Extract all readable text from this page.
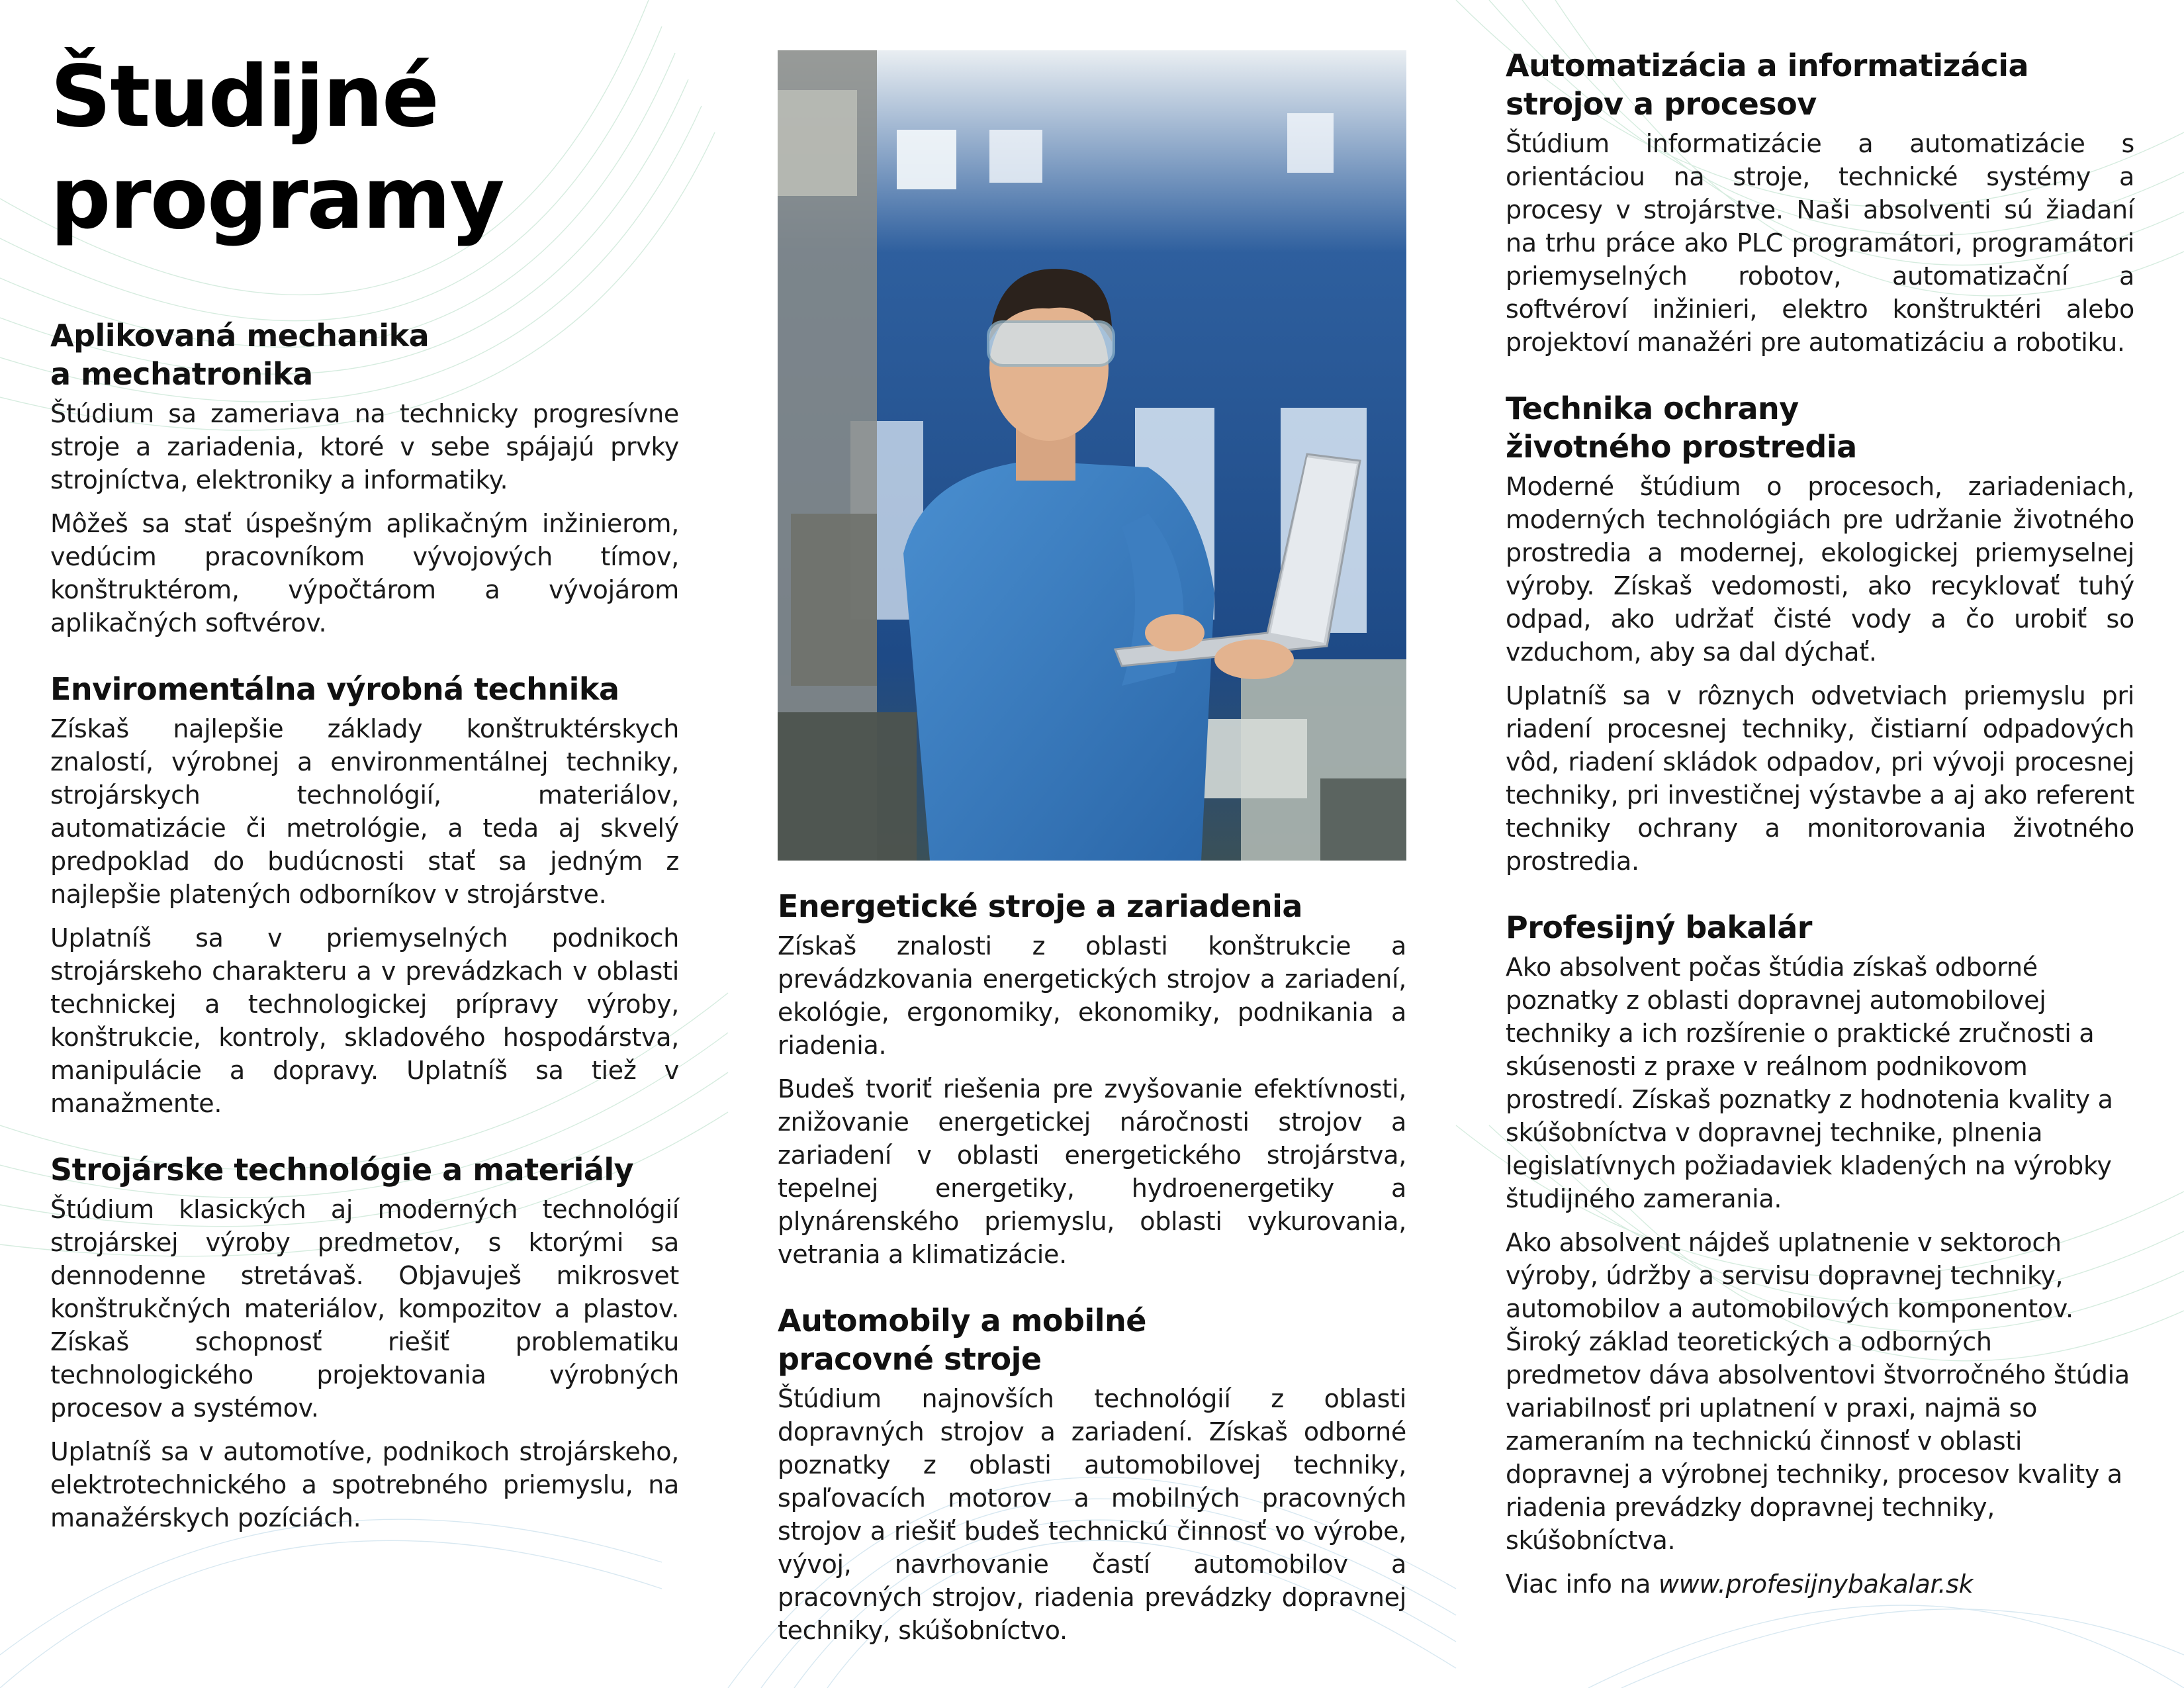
Študijné
programy
Aplikovaná mechanika
a mechatronika

Štúdium sa zameriava na technicky progresívne stroje a zariadenia, ktoré v sebe spájajú prvky strojníctva, elektroniky a informatiky.

Môžeš sa stať úspešným aplikačným inžinierom, vedúcim pracovníkom vývojových tímov, konštruktérom, výpočtárom a vývojárom aplikačných softvérov.

Enviromentálna výrobná technika

Získaš najlepšie základy konštruktérskych znalostí, výrobnej a environmentálnej techniky, strojárskych technológií, materiálov, automatizácie či metrológie, a teda aj skvelý predpoklad do budúcnosti stať sa jedným z najlepšie platených odborníkov v strojárstve.

Uplatníš sa v priemyselných podnikoch strojárskeho charakteru a v prevádzkach v oblasti technickej a technologickej prípravy výroby, konštrukcie, kontroly, skladového hospodárstva, manipulácie a dopravy. Uplatníš sa tiež v manažmente.

Strojárske technológie a materiály

Štúdium klasických aj moderných technológií strojárskej výroby predmetov, s ktorými sa dennodenne stretávaš. Objavuješ mikrosvet konštrukčných materiálov, kompozitov a plastov. Získaš schopnosť riešiť problematiku technologického projektovania výrobných procesov a systémov.

Uplatníš sa v automotíve, podnikoch strojárskeho, elektrotechnického a spotrebného priemyslu, na manažérskych pozíciách.

Energetické stroje a zariadenia

Získaš znalosti z oblasti konštrukcie a prevádzkovania energetických strojov a zariadení, ekológie, ergonomiky, ekonomiky, podnikania a riadenia.

Budeš tvoriť riešenia pre zvyšovanie efektívnosti, znižovanie energetickej náročnosti strojov a zariadení v oblasti energetického strojárstva, tepelnej energetiky, hydroenergetiky a plynárenského priemyslu, oblasti vykurovania, vetrania a klimatizácie.

Automobily a mobilné
pracovné stroje

Štúdium najnovších technológií z oblasti dopravných strojov a zariadení. Získaš odborné poznatky z oblasti automobilovej techniky, spaľovacích motorov a mobilných pracovných strojov a riešiť budeš technickú činnosť vo výrobe, vývoj, navrhovanie častí automobilov a pracovných strojov, riadenia prevádzky dopravnej techniky, skúšobníctvo.

Automatizácia a informatizácia
strojov a procesov

Štúdium informatizácie a automatizácie s orientáciou na stroje, technické systémy a procesy v strojárstve. Naši absolventi sú žiadaní na trhu práce ako PLC programátori, programátori priemyselných robotov, automatizační a softvéroví inžinieri, elektro konštruktéri alebo projektoví manažéri pre automatizáciu a robotiku.

Technika ochrany
životného prostredia

Moderné štúdium o procesoch, zariadeniach, moderných technológiách pre udržanie životného prostredia a modernej, ekologickej priemyselnej výroby. Získaš vedomosti, ako recyklovať tuhý odpad, ako udržať čisté vody a čo urobiť so vzduchom, aby sa dal dýchať.

Uplatníš sa v rôznych odvetviach priemyslu pri riadení procesnej techniky, čistiarní odpadových vôd, riadení skládok odpadov, pri vývoji procesnej techniky, pri investičnej výstavbe a aj ako referent techniky ochrany a monitorovania životného prostredia.

Profesijný bakalár

Ako absolvent počas štúdia získaš odborné poznatky z oblasti dopravnej automobilovej techniky a ich rozšírenie o praktické zručnosti a skúsenosti z praxe v reálnom podnikovom prostredí. Získaš poznatky z hodnotenia kvality a skúšobníctva v dopravnej technike, plnenia legislatívnych požiadaviek kladených na výrobky študijného zamerania.

Ako absolvent nájdeš uplatnenie v sektoroch výroby, údržby a servisu dopravnej techniky, automobilov a automobilových komponentov. Široký základ teoretických a odborných predmetov dáva absolventovi štvorročného štúdia variabilnosť pri uplatnení v praxi, najmä so zameraním na technickú činnosť v oblasti dopravnej a výrobnej techniky, procesov kvality a riadenia prevádzky dopravnej techniky, skúšobníctva.

Viac info na www.profesijnybakalar.sk
